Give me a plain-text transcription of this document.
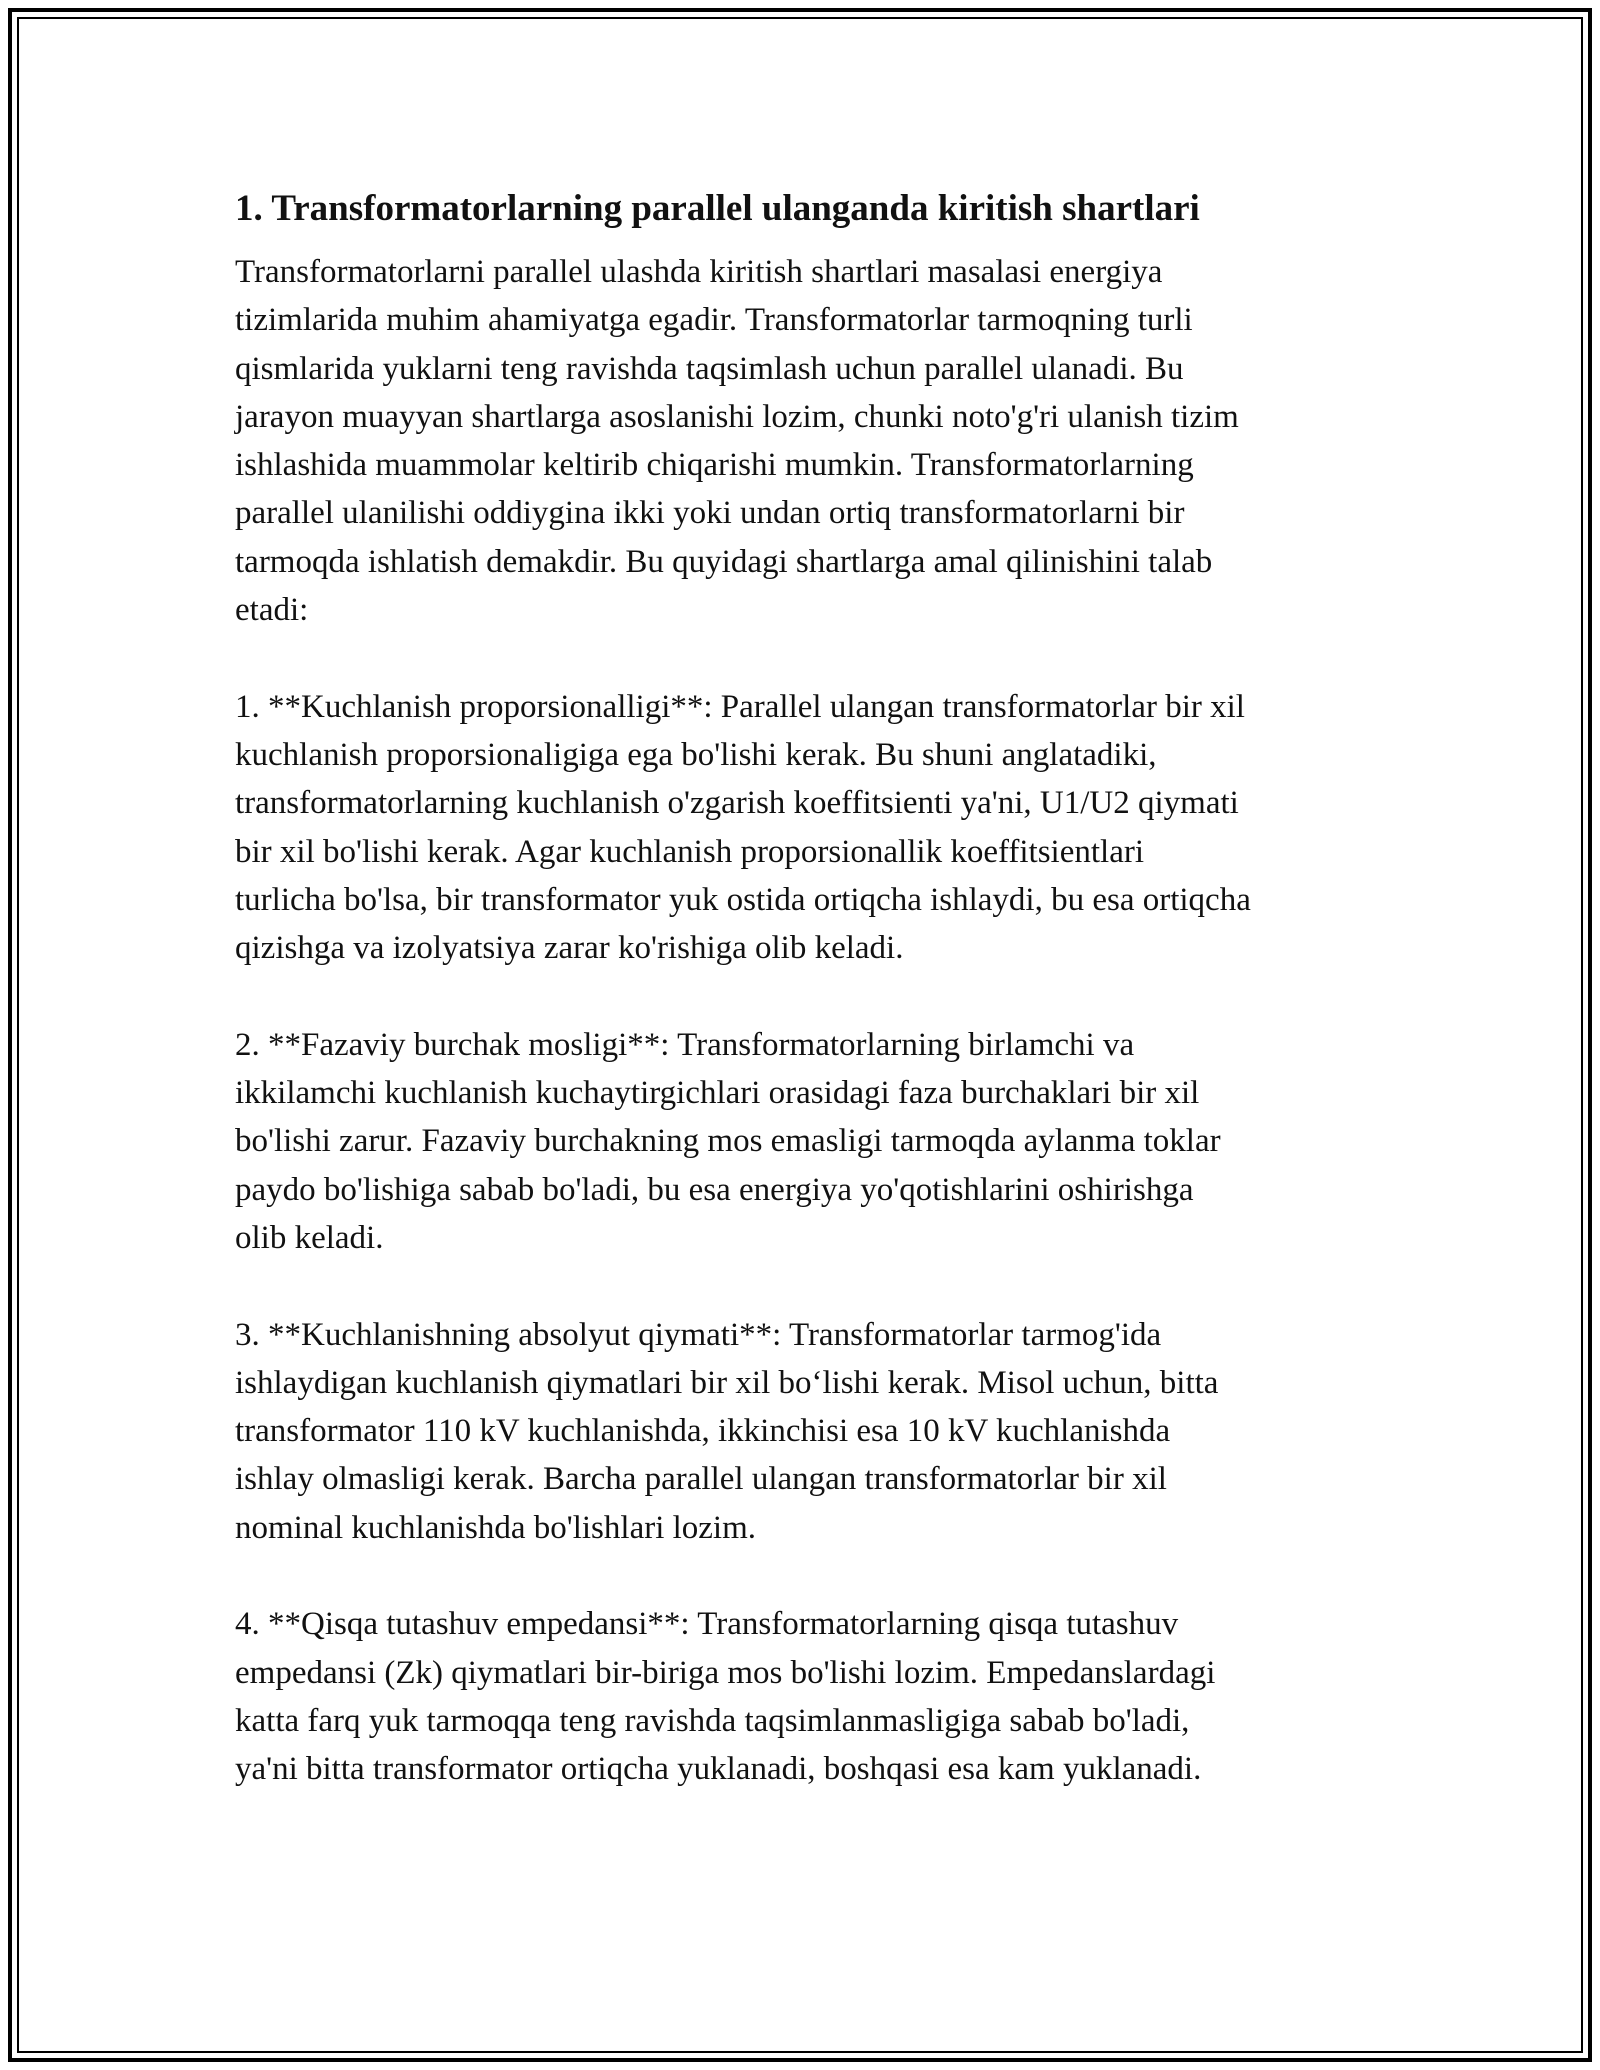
1. Transformatorlarning parallel ulanganda kiritish shartlari

Transformatorlarni parallel ulashda kiritish shartlari masalasi energiya
tizimlarida muhim ahamiyatga egadir. Transformatorlar tarmoqning turli
qismlarida yuklarni teng ravishda taqsimlash uchun parallel ulanadi. Bu
jarayon muayyan shartlarga asoslanishi lozim, chunki noto'g'ri ulanish tizim
ishlashida muammolar keltirib chiqarishi mumkin. Transformatorlarning
parallel ulanilishi oddiygina ikki yoki undan ortiq transformatorlarni bir
tarmoqda ishlatish demakdir. Bu quyidagi shartlarga amal qilinishini talab
etadi:

1. **Kuchlanish proporsionalligi**: Parallel ulangan transformatorlar bir xil
kuchlanish proporsionaligiga ega bo'lishi kerak. Bu shuni anglatadiki,
transformatorlarning kuchlanish o'zgarish koeffitsienti ya'ni, U1/U2 qiymati
bir xil bo'lishi kerak. Agar kuchlanish proporsionallik koeffitsientlari
turlicha bo'lsa, bir transformator yuk ostida ortiqcha ishlaydi, bu esa ortiqcha
qizishga va izolyatsiya zarar ko'rishiga olib keladi.

2. **Fazaviy burchak mosligi**: Transformatorlarning birlamchi va
ikkilamchi kuchlanish kuchaytirgichlari orasidagi faza burchaklari bir xil
bo'lishi zarur. Fazaviy burchakning mos emasligi tarmoqda aylanma toklar
paydo bo'lishiga sabab bo'ladi, bu esa energiya yo'qotishlarini oshirishga
olib keladi.

3. **Kuchlanishning absolyut qiymati**: Transformatorlar tarmog'ida
ishlaydigan kuchlanish qiymatlari bir xil bo‘lishi kerak. Misol uchun, bitta
transformator 110 kV kuchlanishda, ikkinchisi esa 10 kV kuchlanishda
ishlay olmasligi kerak. Barcha parallel ulangan transformatorlar bir xil
nominal kuchlanishda bo'lishlari lozim.

4. **Qisqa tutashuv empedansi**: Transformatorlarning qisqa tutashuv
empedansi (Zk) qiymatlari bir-biriga mos bo'lishi lozim. Empedanslardagi
katta farq yuk tarmoqqa teng ravishda taqsimlanmasligiga sabab bo'ladi,
ya'ni bitta transformator ortiqcha yuklanadi, boshqasi esa kam yuklanadi.
